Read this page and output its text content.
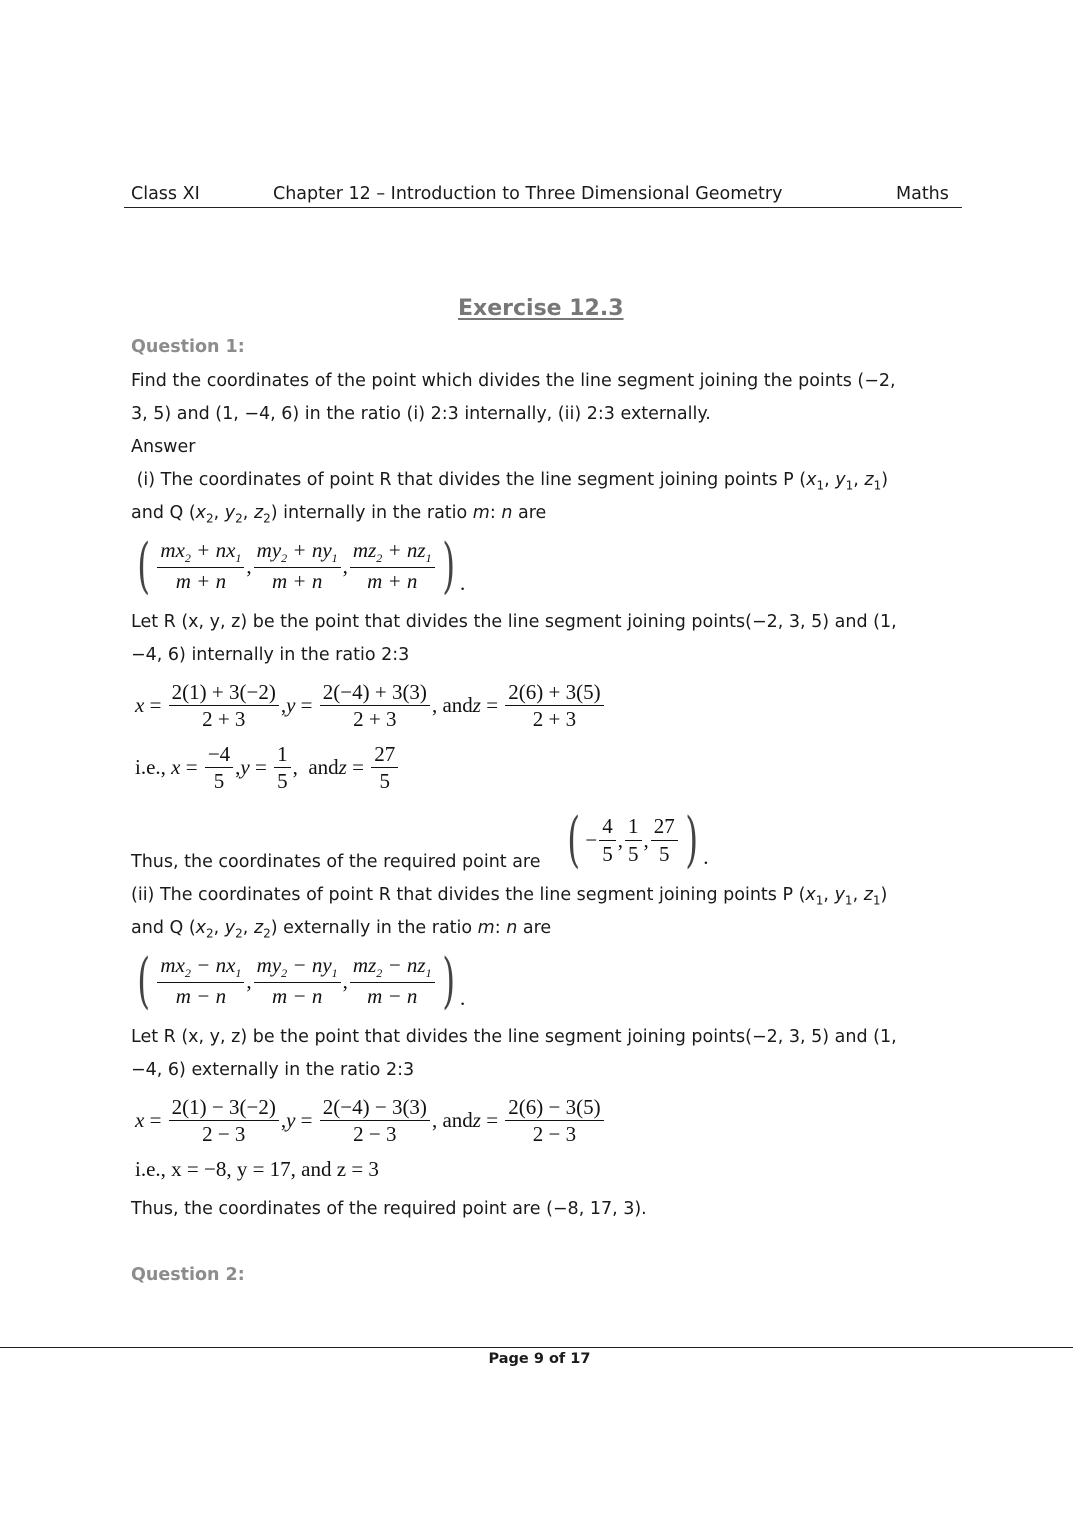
Class XI	Chapter 12 – Introduction to Three Dimensional Geometry	Maths
Exercise 12.3
Question 1:
Find the coordinates of the point which divides the line segment joining the points (−2,
3, 5) and (1, −4, 6) in the ratio (i) 2:3 internally, (ii) 2:3 externally.
Answer
(i) The coordinates of point R that divides the line segment joining points P ($x_1$, $y_1$, $z_1$)
and Q ($x_2$, $y_2$, $z_2$) internally in the ratio m: n are
( $\frac{mx_2 + nx_1}{m + n}$ , $\frac{my_2 + ny_1}{m + n}$ , $\frac{mz_2 + nz_1}{m + n}$ ) .
Let R (x, y, z) be the point that divides the line segment joining points(−2, 3, 5) and (1,
−4, 6) internally in the ratio 2:3
$x = \frac{2(1) + 3(-2)}{2 + 3}$ , $y = \frac{2(-4) + 3(3)}{2 + 3}$ , and $z = \frac{2(6) + 3(5)}{2 + 3}$
i.e., $x = \frac{-4}{5}$ , $y = \frac{1}{5}$ ,  and $z = \frac{27}{5}$
Thus, the coordinates of the required point are ( − $\frac{4}{5}$ , $\frac{1}{5}$ , $\frac{27}{5}$ ) .
(ii) The coordinates of point R that divides the line segment joining points P ($x_1$, $y_1$, $z_1$)
and Q ($x_2$, $y_2$, $z_2$) externally in the ratio m: n are
( $\frac{mx_2 - nx_1}{m - n}$ , $\frac{my_2 - ny_1}{m - n}$ , $\frac{mz_2 - nz_1}{m - n}$ ) .
Let R (x, y, z) be the point that divides the line segment joining points(−2, 3, 5) and (1,
−4, 6) externally in the ratio 2:3
$x = \frac{2(1) - 3(-2)}{2 - 3}$ , $y = \frac{2(-4) - 3(3)}{2 - 3}$ , and $z = \frac{2(6) - 3(5)}{2 - 3}$
i.e., x = −8, y = 17, and z = 3
Thus, the coordinates of the required point are (−8, 17, 3).
Question 2:
Page 9 of 17
